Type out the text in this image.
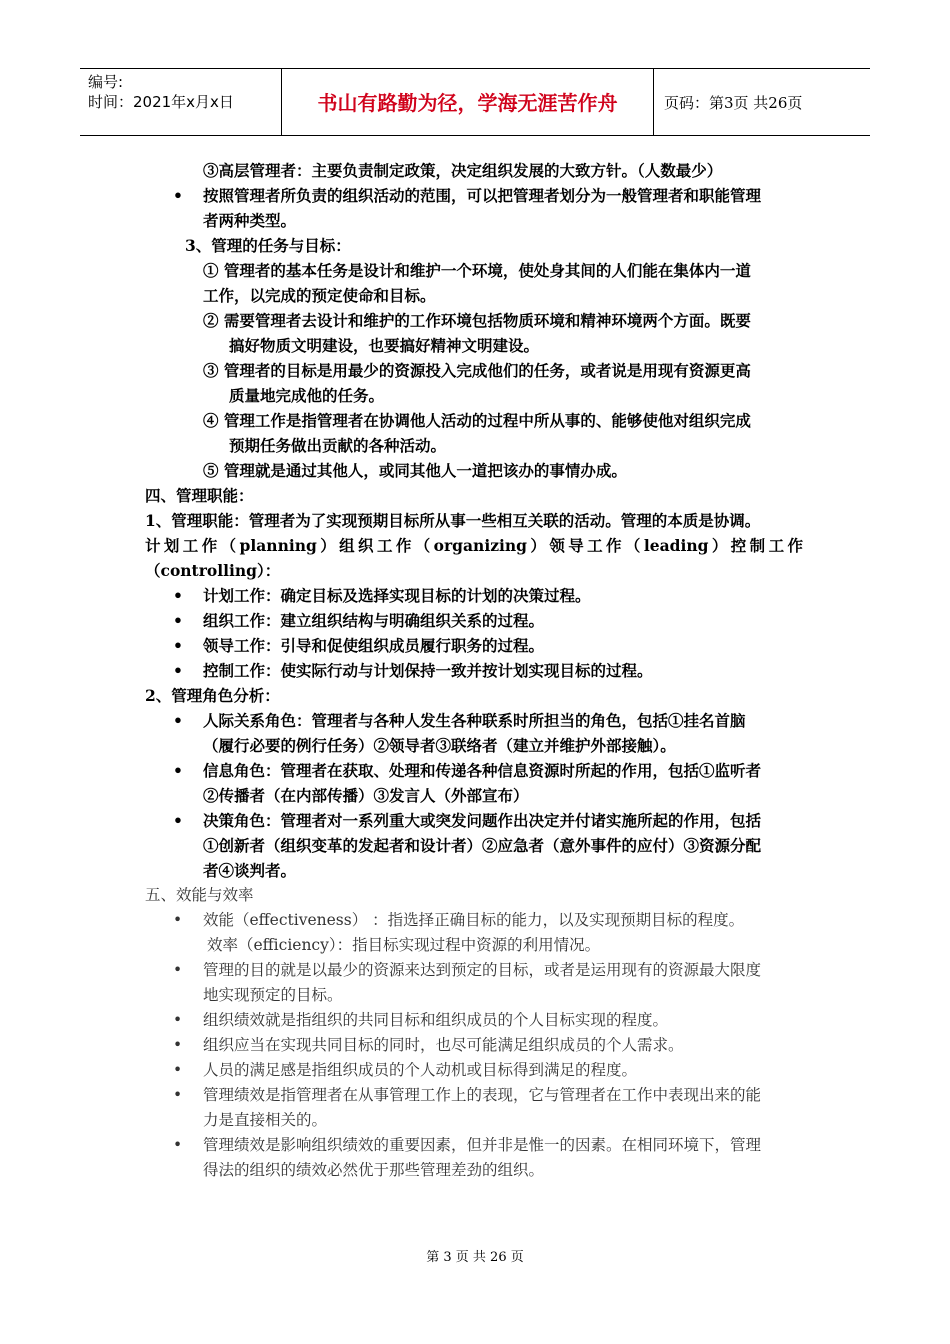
编号:
时间：2021年x月x日	书山有路勤为径，学海无涯苦作舟	页码：第3页 共26页
③高层管理者：主要负责制定政策，决定组织发展的大致方针。（人数最少）
• 按照管理者所负责的组织活动的范围，可以把管理者划分为一般管理者和职能管理
者两种类型。
3、管理的任务与目标：
① 管理者的基本任务是设计和维护一个环境，使处身其间的人们能在集体内一道
工作，以完成的预定使命和目标。
② 需要管理者去设计和维护的工作环境包括物质环境和精神环境两个方面。既要
搞好物质文明建设，也要搞好精神文明建设。
③ 管理者的目标是用最少的资源投入完成他们的任务，或者说是用现有资源更高
质量地完成他的任务。
④ 管理工作是指管理者在协调他人活动的过程中所从事的、能够使他对组织完成
预期任务做出贡献的各种活动。
⑤ 管理就是通过其他人，或同其他人一道把该办的事情办成。
四、管理职能：
1、管理职能：管理者为了实现预期目标所从事一些相互关联的活动。管理的本质是协调。
计划工作（planning）组织工作（organizing）领导工作（leading）控制工作
（controlling）：
• 计划工作：确定目标及选择实现目标的计划的决策过程。
• 组织工作：建立组织结构与明确组织关系的过程。
• 领导工作：引导和促使组织成员履行职务的过程。
• 控制工作：使实际行动与计划保持一致并按计划实现目标的过程。
2、管理角色分析：
• 人际关系角色：管理者与各种人发生各种联系时所担当的角色，包括①挂名首脑
（履行必要的例行任务）②领导者③联络者（建立并维护外部接触）。
• 信息角色：管理者在获取、处理和传递各种信息资源时所起的作用，包括①监听者
②传播者（在内部传播）③发言人（外部宣布）
• 决策角色：管理者对一系列重大或突发问题作出决定并付诸实施所起的作用，包括
①创新者（组织变革的发起者和设计者）②应急者（意外事件的应付）③资源分配
者④谈判者。
五、效能与效率
• 效能（effectiveness） ：指选择正确目标的能力，以及实现预期目标的程度。
效率（efficiency）：指目标实现过程中资源的利用情况。
• 管理的目的就是以最少的资源来达到预定的目标，或者是运用现有的资源最大限度
地实现预定的目标。
• 组织绩效就是指组织的共同目标和组织成员的个人目标实现的程度。
• 组织应当在实现共同目标的同时，也尽可能满足组织成员的个人需求。
• 人员的满足感是指组织成员的个人动机或目标得到满足的程度。
• 管理绩效是指管理者在从事管理工作上的表现，它与管理者在工作中表现出来的能
力是直接相关的。
• 管理绩效是影响组织绩效的重要因素，但并非是惟一的因素。在相同环境下，管理
得法的组织的绩效必然优于那些管理差劲的组织。
第 3 页 共 26 页
